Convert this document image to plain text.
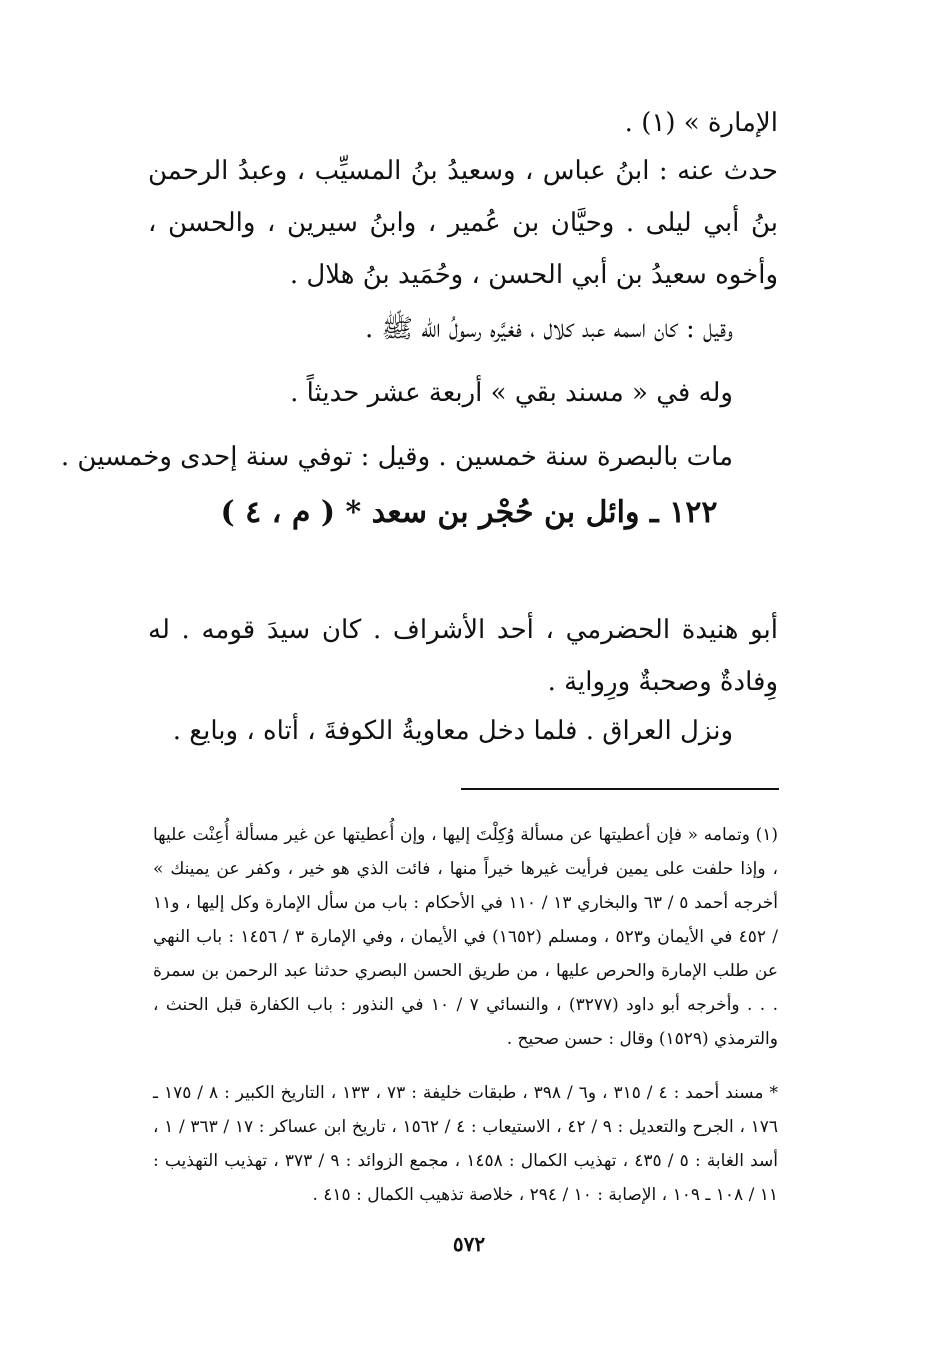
الإمارة » (١) .
حدث عنه : ابنُ عباس ، وسعيدُ بنُ المسيِّب ، وعبدُ الرحمن بنُ أبي ليلى . وحيَّان بن عُمير ، وابنُ سيرين ، والحسن ، وأخوه سعيدُ بن أبي الحسن ، وحُمَيد بنُ هلال .
وقيل : كان اسمه عبد كلال ، فغيَّره رسولُ الله ﷺ .
وله في « مسند بقي » أربعة عشر حديثاً .
مات بالبصرة سنة خمسين . وقيل : توفي سنة إحدى وخمسين .
١٢٢ ـ وائل بن حُجْر بن سعد * ( م ، ٤ )
أبو هنيدة الحضرمي ، أحد الأشراف . كان سيدَ قومه . له وِفادةٌ وصحبةٌ ورِواية .
ونزل العراق . فلما دخل معاويةُ الكوفةَ ، أتاه ، وبايع .
(١) وتمامه « فإن أعطيتها عن مسألة وُكِلْتَ إليها ، وإن أُعطيتها عن غير مسألة أُعِنْت عليها ، وإذا حلفت على يمين فرأيت غيرها خيراً منها ، فائت الذي هو خير ، وكفر عن يمينك » أخرجه أحمد ٥ / ٦٣ والبخاري ١٣ / ١١٠ في الأحكام : باب من سأل الإمارة وكل إليها ، و١١ / ٤٥٢ في الأيمان و٥٢٣ ، ومسلم (١٦٥٢) في الأيمان ، وفي الإمارة ٣ / ١٤٥٦ : باب النهي عن طلب الإمارة والحرص عليها ، من طريق الحسن البصري حدثنا عبد الرحمن بن سمرة . . . وأخرجه أبو داود (٣٢٧٧) ، والنسائي ٧ / ١٠ في النذور : باب الكفارة قبل الحنث ، والترمذي (١٥٢٩) وقال : حسن صحيح .
* مسند أحمد : ٤ / ٣١٥ ، و٦ / ٣٩٨ ، طبقات خليفة : ٧٣ ، ١٣٣ ، التاريخ الكبير : ٨ / ١٧٥ ـ ١٧٦ ، الجرح والتعديل : ٩ / ٤٢ ، الاستيعاب : ٤ / ١٥٦٢ ، تاريخ ابن عساكر : ١٧ / ٣٦٣ / ١ ، أسد الغابة : ٥ / ٤٣٥ ، تهذيب الكمال : ١٤٥٨ ، مجمع الزوائد : ٩ / ٣٧٣ ، تهذيب التهذيب : ١١ / ١٠٨ ـ ١٠٩ ، الإصابة : ١٠ / ٢٩٤ ، خلاصة تذهيب الكمال : ٤١٥ .
٥٧٢
